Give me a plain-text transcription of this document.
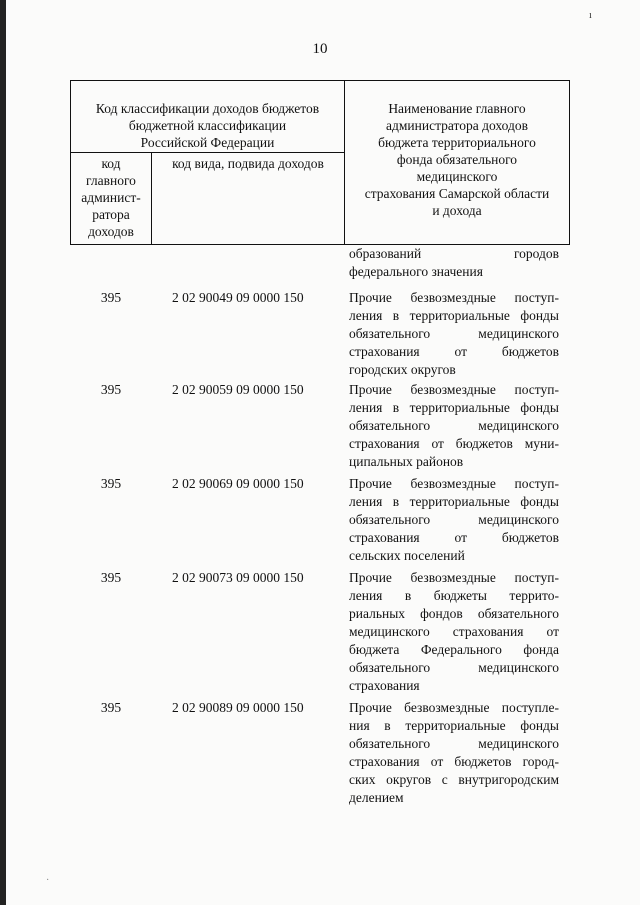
ı
·
10
Код классификации доходов бюджетов
бюджетной классификации
Российской Федерации
код
главного
админист-
ратора
доходов
код вида, подвида доходов
Наименование главного
администратора доходов
бюджета территориального
фонда обязательного
медицинского
страхования Самарской области
и дохода
образований городов
федерального значения
395	2 02 90049 09 0000 150	Прочие безвозмездные поступ-
ления в территориальные фонды
обязательного медицинского
страхования от бюджетов
городских округов
395	2 02 90059 09 0000 150	Прочие безвозмездные поступ-
ления в территориальные фонды
обязательного медицинского
страхования от бюджетов муни-
ципальных районов
395	2 02 90069 09 0000 150	Прочие безвозмездные поступ-
ления в территориальные фонды
обязательного медицинского
страхования от бюджетов
сельских поселений
395	2 02 90073 09 0000 150	Прочие безвозмездные поступ-
ления в бюджеты террито-
риальных фондов обязательного
медицинского страхования от
бюджета Федерального фонда
обязательного медицинского
страхования
395	2 02 90089 09 0000 150	Прочие безвозмездные поступле-
ния в территориальные фонды
обязательного медицинского
страхования от бюджетов город-
ских округов с внутригородским
делением
